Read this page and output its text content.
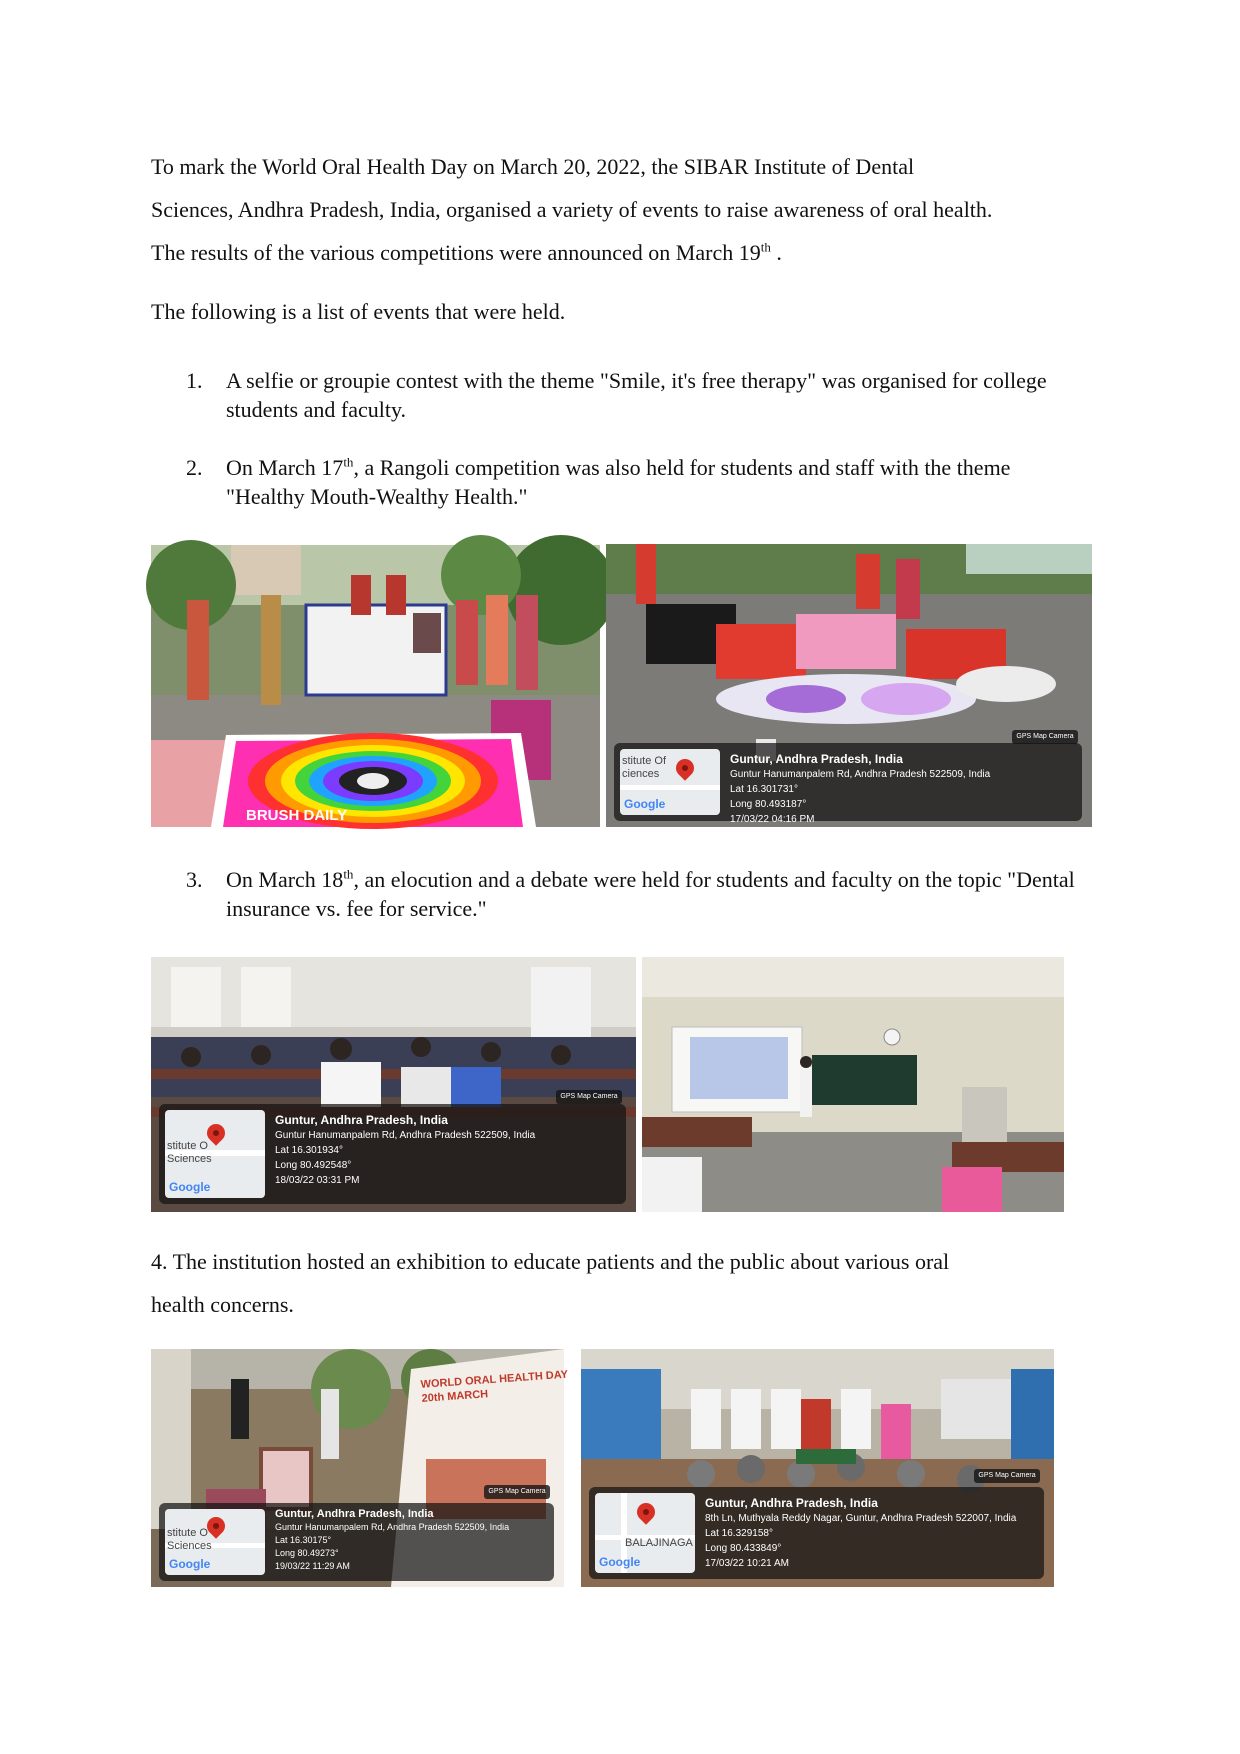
To mark the World Oral Health Day on March 20, 2022, the SIBAR Institute of Dental
Sciences, Andhra Pradesh, India, organised a variety of events to raise awareness of oral health.
The results of the various competitions were announced on March 19th .

The following is a list of events that were held.

1.	A selfie or groupie contest with the theme "Smile, it's free therapy" was organised for college students and faculty.
2.	On March 17th, a Rangoli competition was also held for students and staff with the theme "Healthy Mouth-Wealthy Health."
BRUSH DAILY
stitute Of
ciences
Google
Guntur, Andhra Pradesh, India
Guntur Hanumanpalem Rd, Andhra Pradesh 522509, India
Lat 16.301731°
Long 80.493187°
17/03/22 04:16 PM
GPS Map Camera
3.	On March 18th, an elocution and a debate were held for students and faculty on the topic "Dental insurance vs. fee for service."
stitute O
Sciences
Google
Guntur, Andhra Pradesh, India
Guntur Hanumanpalem Rd, Andhra Pradesh 522509, India
Lat 16.301934°
Long 80.492548°
18/03/22 03:31 PM
GPS Map Camera
4. The institution hosted an exhibition to educate patients and the public about various oral
health concerns.
WORLD ORAL HEALTH DAY
20th MARCH
stitute O
Sciences
Google
Guntur, Andhra Pradesh, India
Guntur Hanumanpalem Rd, Andhra Pradesh 522509, India
Lat 16.30175°
Long 80.49273°
19/03/22 11:29 AM
GPS Map Camera
BALAJINAGA
Google
Guntur, Andhra Pradesh, India
8th Ln, Muthyala Reddy Nagar, Guntur, Andhra Pradesh 522007, India
Lat 16.329158°
Long 80.433849°
17/03/22 10:21 AM
GPS Map Camera
